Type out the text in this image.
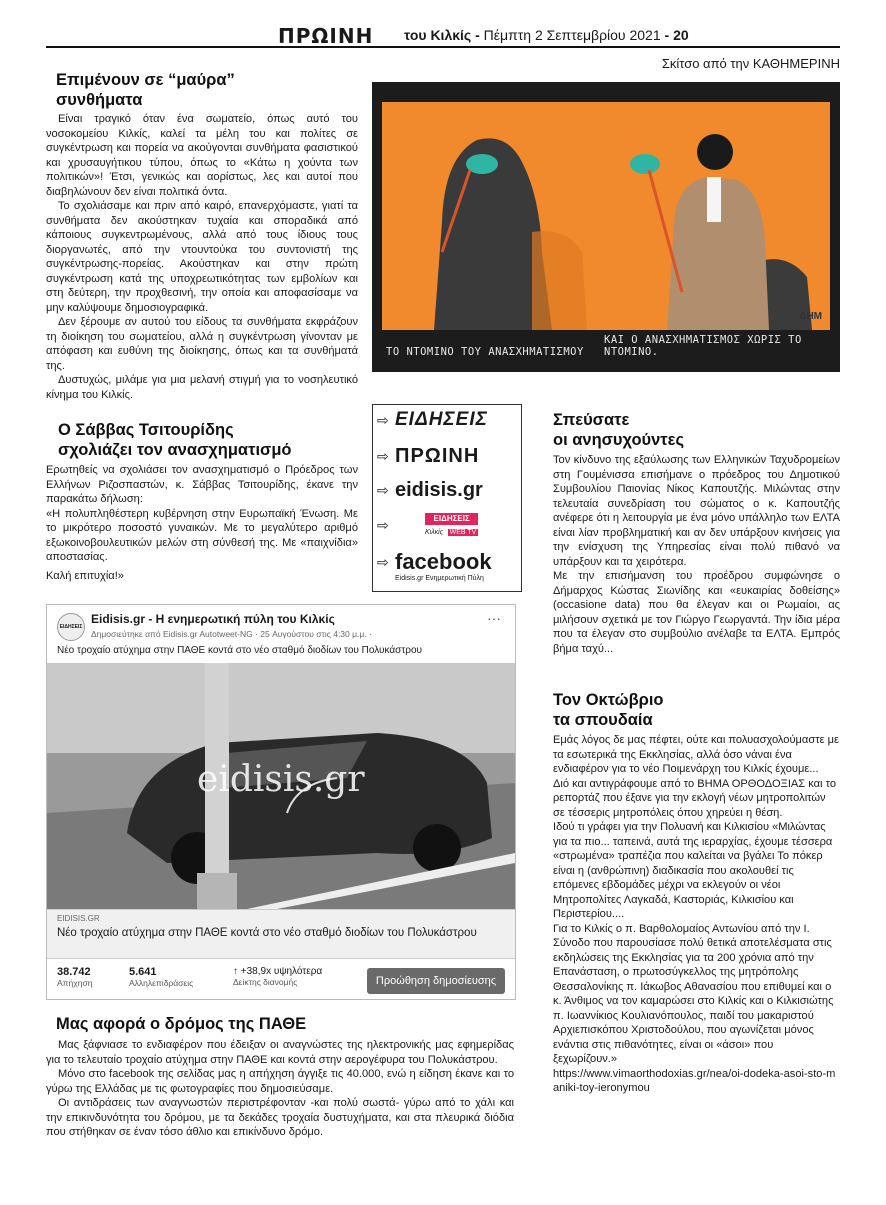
ΠΡΩΙΝΗ του Κιλκίς - Πέμπτη 2 Σεπτεμβρίου 2021 - 20
Επιμένουν σε “μαύρα”
συνθήματα

Είναι τραγικό όταν ένα σωματείο, όπως αυτό του νοσοκομείου Κιλκίς, καλεί τα μέλη του και πολίτες σε συγκέντρωση και πορεία να ακούγονται συνθήματα φασιστικού και χρυσαυγήτικου τύπου, όπως το «Κάτω η χούντα των πολιτικών»! Έτσι, γενικώς και αορίστως, λες και αυτοί που διαβηλώνουν δεν είναι πολιτικά όντα.

Το σχολιάσαμε και πριν από καιρό, επανερχόμαστε, γιατί τα συνθήματα δεν ακούστηκαν τυχαία και σποραδικά από κάποιους συγκεντρωμένους, αλλά από τους ίδιους τους διοργανωτές, από την ντουντούκα του συντονιστή της συγκέντρωσης-πορείας. Ακούστηκαν και στην πρώτη συγκέντρωση κατά της υποχρεωτικότητας των εμβολίων και στη δεύτερη, την προχθεσινή, την οποία και αποφασίσαμε να μην καλύψουμε δημοσιογραφικά.

Δεν ξέρουμε αν αυτού του είδους τα συνθήματα εκφράζουν τη διοίκηση του σωματείου, αλλά η συγκέντρωση γίνονταν με απόφαση και ευθύνη της διοίκησης, όπως και τα συνθήματά της.

Δυστυχώς, μιλάμε για μια μελανή στιγμή για το νοσηλευτικό κίνημα του Κιλκίς.

Σκίτσο από την ΚΑΘΗΜΕΡΙΝΗ
ΔΗΜ
ΤΟ ΝΤΟΜΙΝΟ ΤΟΥ ΑΝΑΣΧΗΜΑΤΙΣΜΟΥ
ΚΑΙ Ο ΑΝΑΣΧΗΜΑΤΙΣΜΟΣ ΧΩΡΙΣ ΤΟ ΝΤΟΜΙΝΟ.
Ο Σάββας Τσιτουρίδης
σχολιάζει τον ανασχηματισμό

Ερωτηθείς να σχολιάσει τον ανασχηματισμό ο Πρόεδρος των Ελλήνων Ριζοσπαστών, κ. Σάββας Τσιτουρίδης, έκανε την παρακάτω δήλωση:

«Η πολυπληθέστερη κυβέρνηση στην Ευρωπαϊκή Ένωση. Με το μικρότερο ποσοστό γυναικών. Με το μεγαλύτερο αριθμό εξωκοινοβουλευτικών μελών στη σύνθεσή της. Με «παιχνίδια» αποστασίας.

Καλή επιτυχία!»

⇨ ΕΙΔΗΣΕΙΣ
⇨ ΠΡΩΙΝΗ
⇨ eidisis.gr
⇨	ΕΙΔΗΣΕΙΣ
Κιλκίς WEB TV
⇨ facebook
Eidisis.gr Ενημερωτική Πύλη
Σπεύσατε
οι ανησυχούντες

Τον κίνδυνο της εξαύλωσης των Ελληνικών Ταχυδρομείων στη Γουμένισσα επισήμανε ο πρόεδρος του Δημοτικού Συμβουλίου Παιονίας Νίκος Καπουτζής. Μιλώντας στην τελευταία συνεδρίαση του σώματος ο κ. Καπουτζής ανέφερε ότι η λειτουργία με ένα μόνο υπάλληλο των ΕΛΤΑ είναι λίαν προβληματική και αν δεν υπάρξουν κινήσεις για την ενίσχυση της Υπηρεσίας είναι πολύ πιθανό να υπάρξουν και τα χειρότερα.

Με την επισήμανση του προέδρου συμφώνησε ο Δήμαρχος Κώστας Σιωνίδης και «ευκαιρίας δοθείσης» (occasione data) που θα έλεγαν και οι Ρωμαίοι, ας μιλήσουν σχετικά με τον Γιώργο Γεωργαντά. Την ίδια μέρα που τα έλεγαν στο συμβούλιο ανέλαβε τα ΕΛΤΑ. Εμπρός βήμα ταχύ...

Τον Οκτώβριο
τα σπουδαία

Εμάς λόγος δε μας πέφτει, ούτε και πολυασχολούμαστε με τα εσωτερικά της Εκκλησίας, αλλά όσο νάναι ένα ενδιαφέρον για το νέο Ποιμενάρχη του Κιλκίς έχουμε...

Διό και αντιγράφουμε από το ΒΗΜΑ ΟΡΘΟΔΟΞΙΑΣ και το ρεπορτάζ που έξανε για την εκλογή νέων μητροπολιτών σε τέσσερις μητροπόλεις όπου χηρεύει η θέση.

Ιδού τι γράφει για την Πολυανή και Κιλκισίου «Μιλώντας για τα πιο... ταπεινά, αυτά της ιεραρχίας, έχουμε τέσσερα «στρωμένα» τραπέζια που καλείται να βγάλει Το πόκερ είναι η (ανθρώπινη) διαδικασία που ακολουθεί τις επόμενες εβδομάδες μέχρι να εκλεγούν οι νέοι Μητροπολίτες Λαγκαδά, Καστοριάς, Κιλκισίου και Περιστερίου....

Για το Κιλκίς ο π. Βαρθολομαίος Αντωνίου από την Ι. Σύνοδο που παρουσίασε πολύ θετικά αποτελέσματα στις εκδηλώσεις της Εκκλησίας για τα 200 χρόνια από την Επανάσταση, ο πρωτοσύγκελλος της μητρόπολης Θεσσαλονίκης π. Ιάκωβος Αθανασίου που επιθυμεί και ο κ. Άνθιμος να τον καμαρώσει στο Κιλκίς και ο Κιλκισιώτης π. Ιωαννίκιος Κουλιανόπουλος, παιδί του μακαριστού Αρχιεπισκόπου Χριστοδούλου, που αγωνίζεται μόνος ενάντια στις πιθανότητες, είναι οι «άσοι» που ξεχωρίζουν.»

https://www.vimaorthodoxias.gr/nea/oi-dodeka-asoi-sto-maniki-toy-ieronymou

ΕΙΔΗΣΕΙΣ
Eidisis.gr - Η ενημερωτική πύλη του Κιλκίς
Δημοσιεύτηκε από Eidisis.gr Autotweet-NG · 25 Αυγούστου στις 4:30 μ.μ. ·
···
Νέο τροχαίο ατύχημα στην ΠΑΘΕ κοντά στο νέο σταθμό διοδίων του Πολυκάστρου
eidisis.gr
EIDISIS.GR
Νέο τροχαίο ατύχημα στην ΠΑΘΕ κοντά στο νέο σταθμό διοδίων του Πολυκάστρου
38.742
Απήχηση
5.641
Αλληλεπιδράσεις
↑ +38,9x υψηλότερα
Δείκτης διανομής	Προώθηση δημοσίευσης
Μας αφορά ο δρόμος της ΠΑΘΕ

Μας ξάφνιασε το ενδιαφέρον που έδειξαν οι αναγνώστες της ηλεκτρονικής μας εφημερίδας για το τελευταίο τροχαίο ατύχημα στην ΠΑΘΕ και κοντά στην αερογέφυρα του Πολυκάστρου.

Μόνο στο facebook της σελίδας μας η απήχηση άγγιξε τις 40.000, ενώ η είδηση έκανε και το γύρω της Ελλάδας με τις φωτογραφίες που δημοσιεύσαμε.

Οι αντιδράσεις των αναγνωστών περιστρέφονταν -και πολύ σωστά- γύρω από το χάλι και την επικινδυνότητα του δρόμου, με τα δεκάδες τροχαία δυστυχήματα, και στα πλευρικά διόδια που στήθηκαν σε έναν τόσο άθλιο και επικίνδυνο δρόμο.
